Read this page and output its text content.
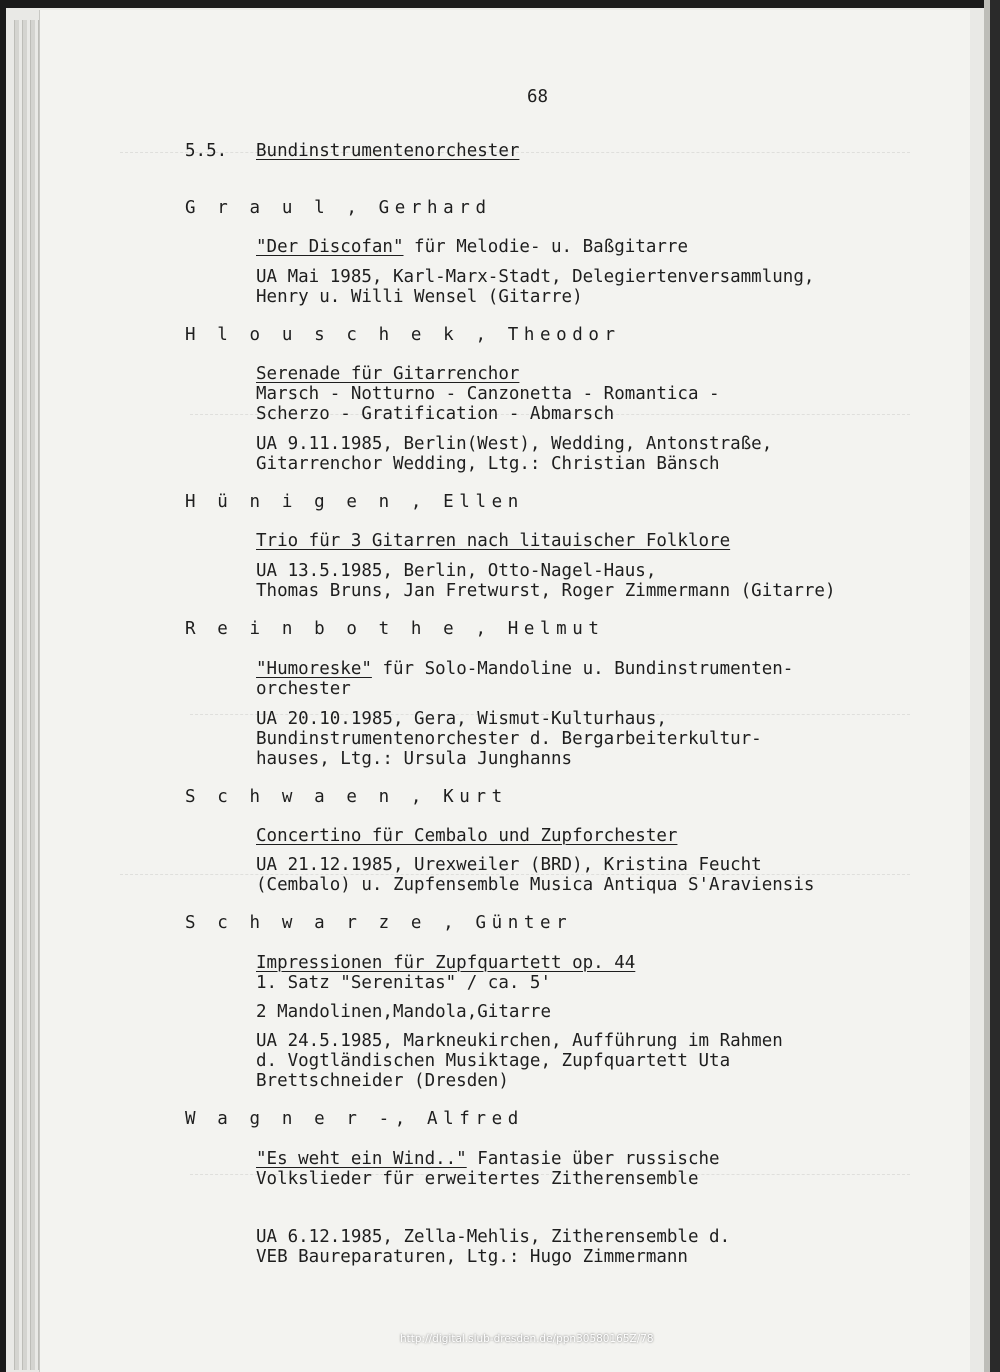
68
5.5. Bundinstrumentenorchester
G r a u l , Gerhard
"Der Discofan" für Melodie- u. Baßgitarre
UA Mai 1985, Karl-Marx-Stadt, Delegiertenversammlung,
Henry u. Willi Wensel (Gitarre)
H l o u s c h e k , Theodor
Serenade für Gitarrenchor
Marsch - Notturno - Canzonetta - Romantica -
Scherzo - Gratification - Abmarsch
UA 9.11.1985, Berlin(West), Wedding, Antonstraße,
Gitarrenchor Wedding, Ltg.: Christian Bänsch
H ü n i g e n , Ellen
Trio für 3 Gitarren nach litauischer Folklore
UA 13.5.1985, Berlin, Otto-Nagel-Haus,
Thomas Bruns, Jan Fretwurst, Roger Zimmermann (Gitarre)
R e i n b o t h e , Helmut
"Humoreske" für Solo-Mandoline u. Bundinstrumenten-
orchester
UA 20.10.1985, Gera, Wismut-Kulturhaus,
Bundinstrumentenorchester d. Bergarbeiterkultur-
hauses, Ltg.: Ursula Junghanns
S c h w a e n , Kurt
Concertino für Cembalo und Zupforchester
UA 21.12.1985, Urexweiler (BRD), Kristina Feucht
(Cembalo) u. Zupfensemble Musica Antiqua S'Araviensis
S c h w a r z e , Günter
Impressionen für Zupfquartett op. 44
1. Satz "Serenitas" / ca. 5'
2 Mandolinen,Mandola,Gitarre
UA 24.5.1985, Markneukirchen, Aufführung im Rahmen
d. Vogtländischen Musiktage, Zupfquartett Uta
Brettschneider (Dresden)
W a g n e r -, Alfred
"Es weht ein Wind.." Fantasie über russische
Volkslieder für erweitertes Zitherensemble
UA 6.12.1985, Zella-Mehlis, Zitherensemble d.
VEB Baureparaturen, Ltg.: Hugo Zimmermann
http://digital.slub-dresden.de/ppn30580165Z/78
